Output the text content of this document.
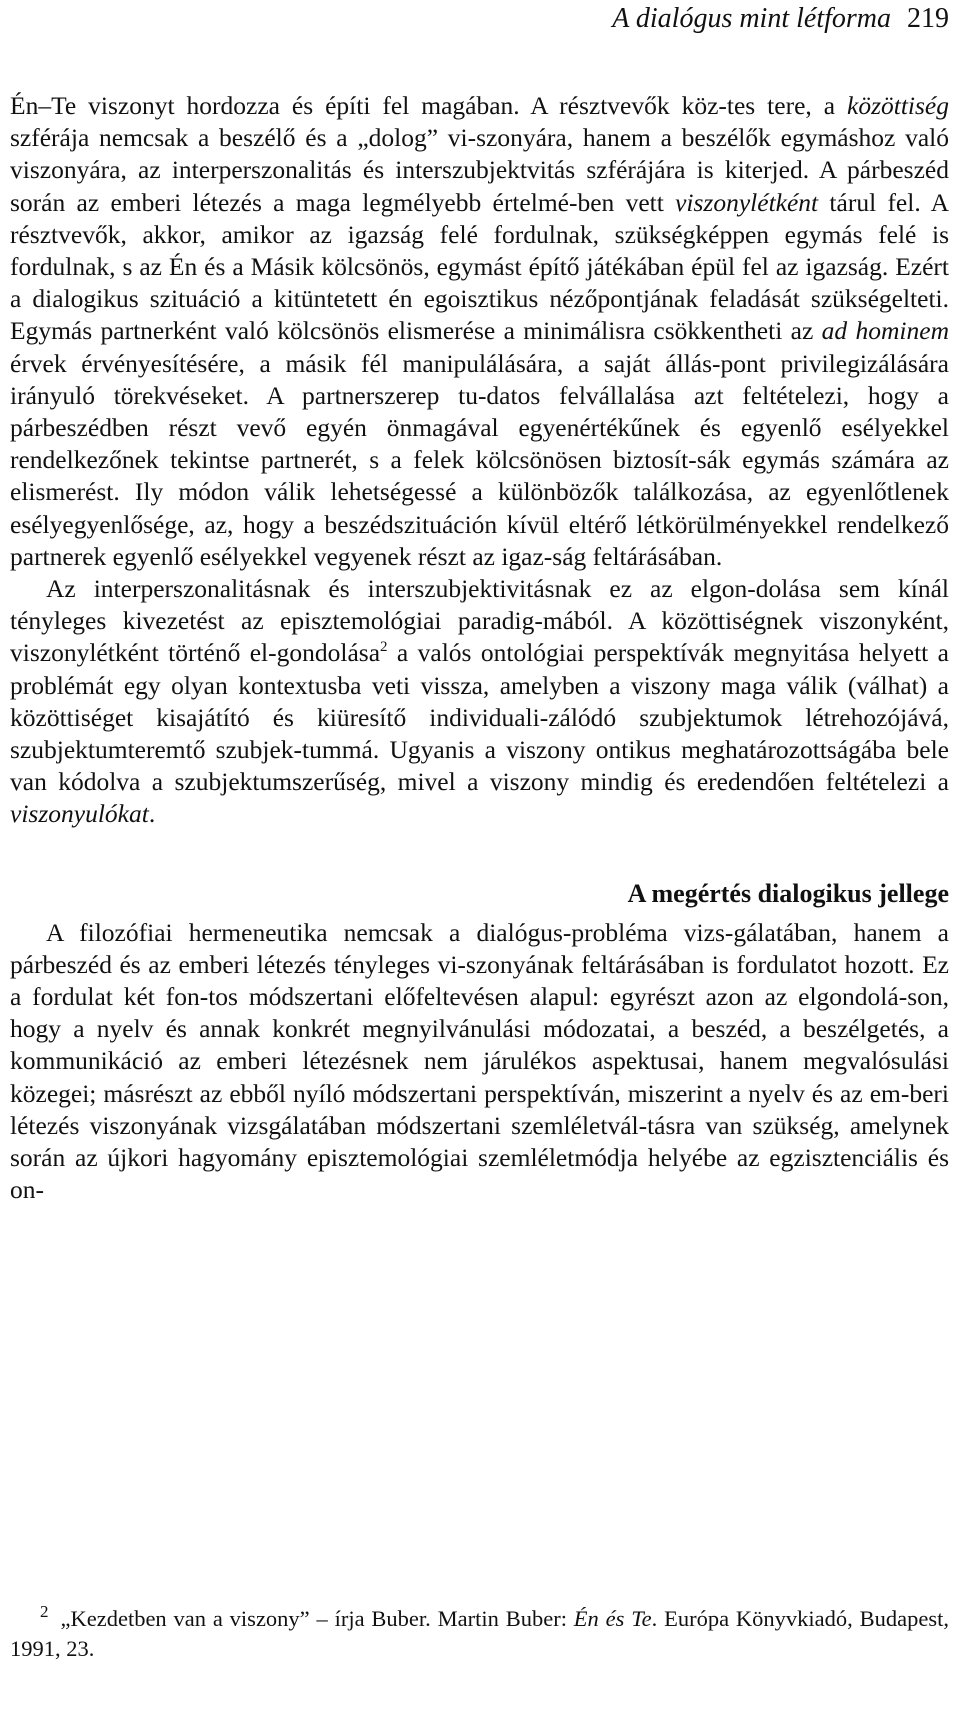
A dialógus mint létforma 219

Én–Te viszonyt hordozza és építi fel magában. A résztvevők köz-tes tere, a közöttiség szférája nemcsak a beszélő és a „dolog” vi-szonyára, hanem a beszélők egymáshoz való viszonyára, az interperszonalitás és interszubjektvitás szférájára is kiterjed. A párbeszéd során az emberi létezés a maga legmélyebb értelmé-ben vett viszonylétként tárul fel. A résztvevők, akkor, amikor az igazság felé fordulnak, szükségképpen egymás felé is fordulnak, s az Én és a Másik kölcsönös, egymást építő játékában épül fel az igazság. Ezért a dialogikus szituáció a kitüntetett én egoisztikus nézőpontjának feladását szükségelteti. Egymás partnerként való kölcsönös elismerése a minimálisra csökkentheti az ad hominem érvek érvényesítésére, a másik fél manipulálására, a saját állás-pont privilegizálására irányuló törekvéseket. A partnerszerep tu-datos felvállalása azt feltételezi, hogy a párbeszédben részt vevő egyén önmagával egyenértékűnek és egyenlő esélyekkel rendelkezőnek tekintse partnerét, s a felek kölcsönösen biztosít-sák egymás számára az elismerést. Ily módon válik lehetségessé a különbözők találkozása, az egyenlőtlenek esélyegyenlősége, az, hogy a beszédszituáción kívül eltérő létkörülményekkel rendelkező partnerek egyenlő esélyekkel vegyenek részt az igaz-ság feltárásában.

Az interperszonalitásnak és interszubjektivitásnak ez az elgon-dolása sem kínál tényleges kivezetést az episztemológiai paradig-mából. A közöttiségnek viszonyként, viszonylétként történő el-gondolása$^2$ a valós ontológiai perspektívák megnyitása helyett a problémát egy olyan kontextusba veti vissza, amelyben a viszony maga válik (válhat) a közöttiséget kisajátító és kiüresítő individuali-zálódó szubjektumok létrehozójává, szubjektumteremtő szubjek-tummá. Ugyanis a viszony ontikus meghatározottságába bele van kódolva a szubjektumszerűség, mivel a viszony mindig és eredendően feltételezi a viszonyulókat.

A megértés dialogikus jellege

A filozófiai hermeneutika nemcsak a dialógus-probléma vizs-gálatában, hanem a párbeszéd és az emberi létezés tényleges vi-szonyának feltárásában is fordulatot hozott. Ez a fordulat két fon-tos módszertani előfeltevésen alapul: egyrészt azon az elgondolá-son, hogy a nyelv és annak konkrét megnyilvánulási módozatai, a beszéd, a beszélgetés, a kommunikáció az emberi létezésnek nem járulékos aspektusai, hanem megvalósulási közegei; másrészt az ebből nyíló módszertani perspektíván, miszerint a nyelv és az em-beri létezés viszonyának vizsgálatában módszertani szemléletvál-tásra van szükség, amelynek során az újkori hagyomány episztemológiai szemléletmódja helyébe az egzisztenciális és on-

$^2$ „Kezdetben van a viszony” – írja Buber. Martin Buber: Én és Te. Európa Könyvkiadó, Budapest, 1991, 23.
